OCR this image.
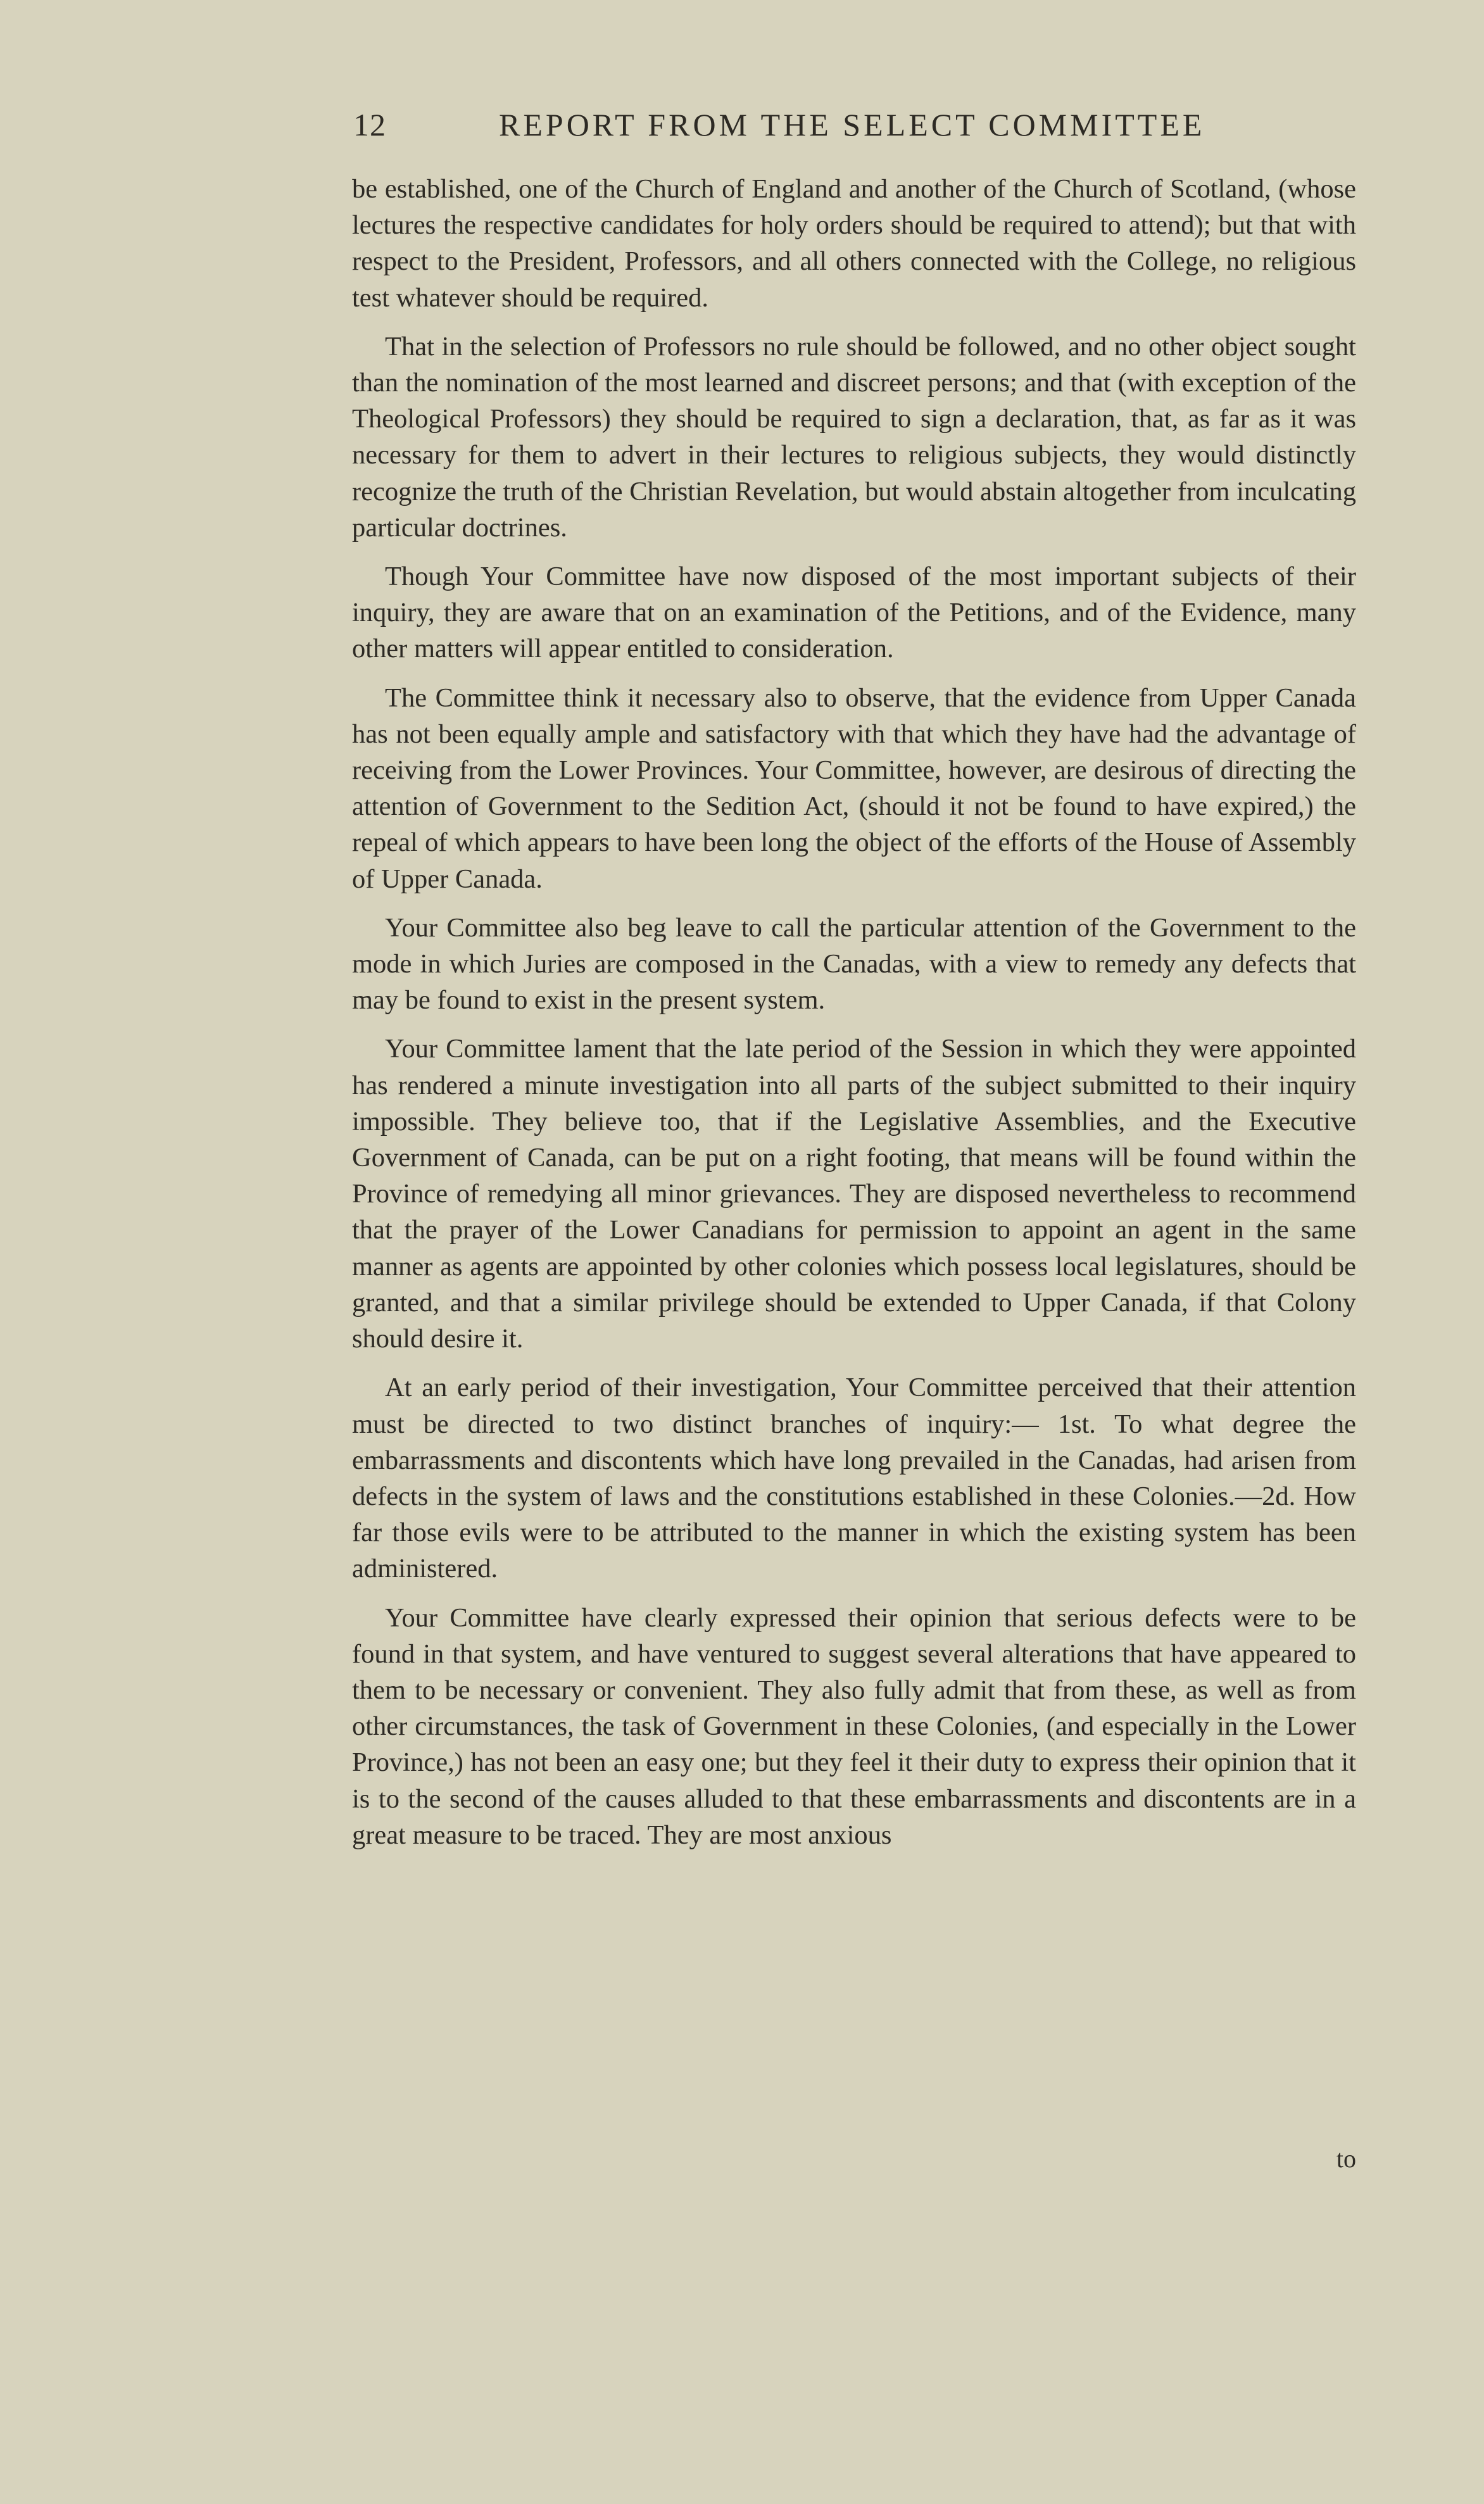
12	REPORT FROM THE SELECT COMMITTEE

be established, one of the Church of England and another of the Church of Scotland, (whose lectures the respective candidates for holy orders should be required to attend); but that with respect to the President, Professors, and all others connected with the College, no religious test whatever should be required.

That in the selection of Professors no rule should be followed, and no other object sought than the nomination of the most learned and discreet persons; and that (with exception of the Theological Professors) they should be required to sign a declaration, that, as far as it was necessary for them to advert in their lectures to religious subjects, they would distinctly recognize the truth of the Christian Revelation, but would abstain altogether from inculcating particular doctrines.

Though Your Committee have now disposed of the most important subjects of their inquiry, they are aware that on an examination of the Petitions, and of the Evidence, many other matters will appear entitled to consideration.

The Committee think it necessary also to observe, that the evidence from Upper Canada has not been equally ample and satisfactory with that which they have had the advantage of receiving from the Lower Provinces. Your Committee, however, are desirous of directing the attention of Government to the Sedition Act, (should it not be found to have expired,) the repeal of which appears to have been long the object of the efforts of the House of Assembly of Upper Canada.

Your Committee also beg leave to call the particular attention of the Government to the mode in which Juries are composed in the Canadas, with a view to remedy any defects that may be found to exist in the present system.

Your Committee lament that the late period of the Session in which they were appointed has rendered a minute investigation into all parts of the subject submitted to their inquiry impossible. They believe too, that if the Legislative Assemblies, and the Executive Government of Canada, can be put on a right footing, that means will be found within the Province of remedying all minor grievances. They are disposed nevertheless to recommend that the prayer of the Lower Canadians for permission to appoint an agent in the same manner as agents are appointed by other colonies which possess local legislatures, should be granted, and that a similar privilege should be extended to Upper Canada, if that Colony should desire it.

At an early period of their investigation, Your Committee perceived that their attention must be directed to two distinct branches of inquiry:— 1st. To what degree the embarrassments and discontents which have long prevailed in the Canadas, had arisen from defects in the system of laws and the constitutions established in these Colonies.—2d. How far those evils were to be attributed to the manner in which the existing system has been administered.

Your Committee have clearly expressed their opinion that serious defects were to be found in that system, and have ventured to suggest several alterations that have appeared to them to be necessary or convenient. They also fully admit that from these, as well as from other circumstances, the task of Government in these Colonies, (and especially in the Lower Province,) has not been an easy one; but they feel it their duty to express their opinion that it is to the second of the causes alluded to that these embarrassments and discontents are in a great measure to be traced. They are most anxious

to
